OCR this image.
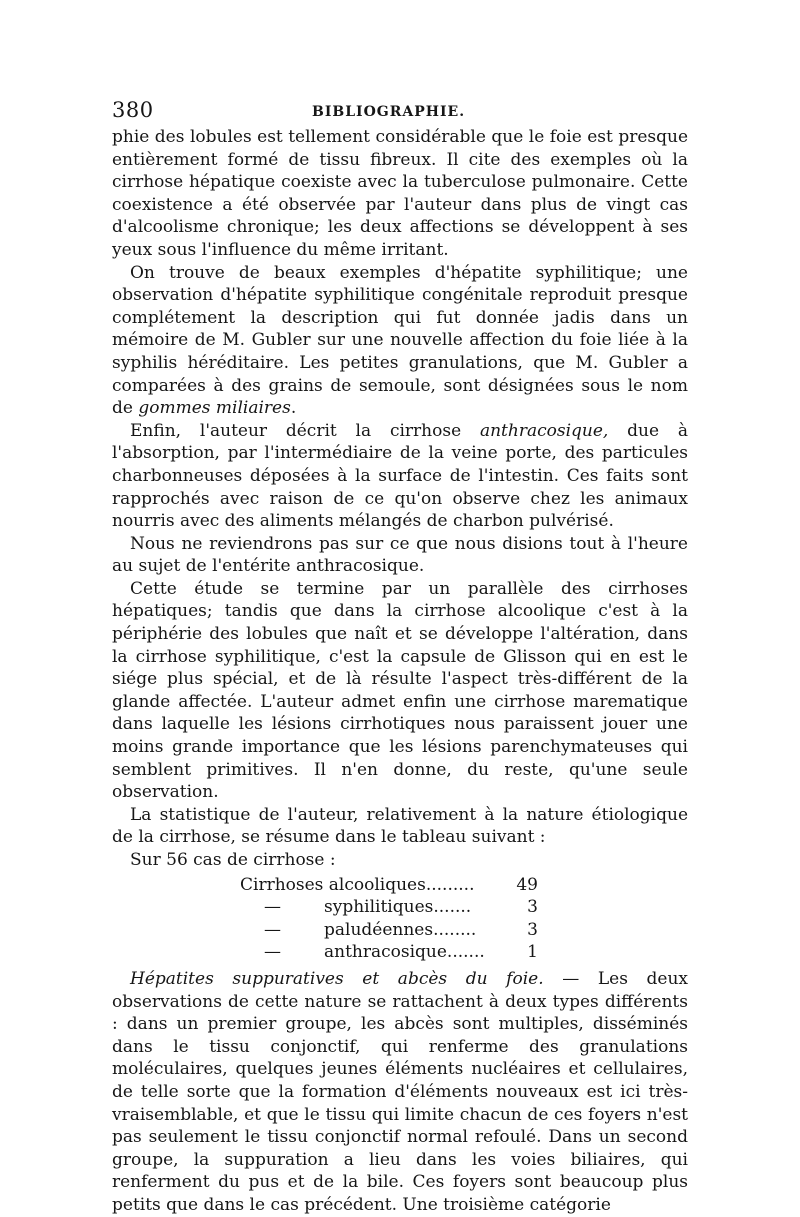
380	BIBLIOGRAPHIE.

phie des lobules est tellement considérable que le foie est presque entièrement formé de tissu fibreux. Il cite des exemples où la cirrhose hépatique coexiste avec la tuberculose pulmonaire. Cette coexistence a été observée par l'auteur dans plus de vingt cas d'alcoolisme chronique; les deux affections se développent à ses yeux sous l'influence du même irritant.

On trouve de beaux exemples d'hépatite syphilitique; une observation d'hépatite syphilitique congénitale reproduit presque complétement la description qui fut donnée jadis dans un mémoire de M. Gubler sur une nouvelle affection du foie liée à la syphilis héréditaire. Les petites granulations, que M. Gubler a comparées à des grains de semoule, sont désignées sous le nom de gommes miliaires.

Enfin, l'auteur décrit la cirrhose anthracosique, due à l'absorption, par l'intermédiaire de la veine porte, des particules charbonneuses déposées à la surface de l'intestin. Ces faits sont rapprochés avec raison de ce qu'on observe chez les animaux nourris avec des aliments mélangés de charbon pulvérisé.

Nous ne reviendrons pas sur ce que nous disions tout à l'heure au sujet de l'entérite anthracosique.

Cette étude se termine par un parallèle des cirrhoses hépatiques; tandis que dans la cirrhose alcoolique c'est à la périphérie des lobules que naît et se développe l'altération, dans la cirrhose syphilitique, c'est la capsule de Glisson qui en est le siége plus spécial, et de là résulte l'aspect très-différent de la glande affectée. L'auteur admet enfin une cirrhose marematique dans laquelle les lésions cirrhotiques nous paraissent jouer une moins grande importance que les lésions parenchymateuses qui semblent primitives. Il n'en donne, du reste, qu'une seule observation.

La statistique de l'auteur, relativement à la nature étiologique de la cirrhose, se résume dans le tableau suivant :

Sur 56 cas de cirrhose :

Cirrhoses alcooliques......... 49
—	syphilitiques.......	3
—	paludéennes........	3
—	anthracosique....... 1

Hépatites suppuratives et abcès du foie. — Les deux observations de cette nature se rattachent à deux types différents : dans un premier groupe, les abcès sont multiples, disséminés dans le tissu conjonctif, qui renferme des granulations moléculaires, quelques jeunes éléments nucléaires et cellulaires, de telle sorte que la formation d'éléments nouveaux est ici très-vraisemblable, et que le tissu qui limite chacun de ces foyers n'est pas seulement le tissu conjonctif normal refoulé. Dans un second groupe, la suppuration a lieu dans les voies biliaires, qui renferment du pus et de la bile. Ces foyers sont beaucoup plus petits que dans le cas précédent. Une troisième catégorie
